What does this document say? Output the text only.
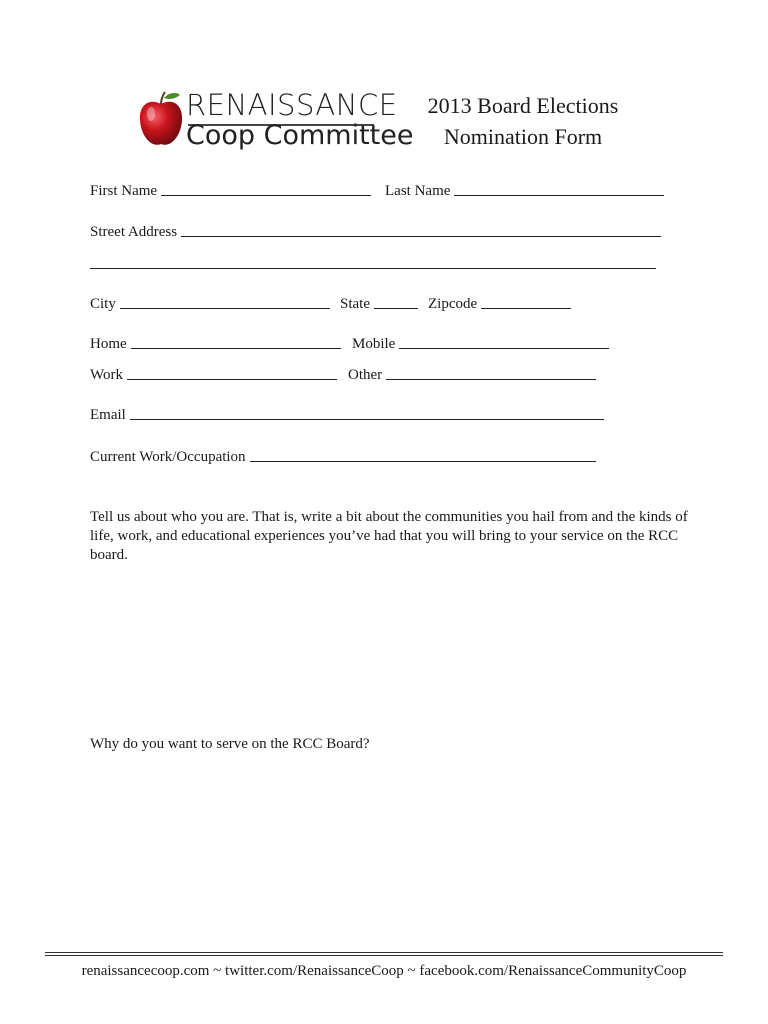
RENAISSANCE
Coop Committee
2013 Board Elections
Nomination Form
First Name	Last Name
Street Address
City	State	Zipcode
Home	Mobile
Work	Other
Email
Current Work/Occupation
Tell us about who you are. That is, write a bit about the communities you hail from and the kinds of life, work, and educational experiences you’ve had that you will bring to your service on the RCC board.
Why do you want to serve on the RCC Board?
renaissancecoop.com ~ twitter.com/RenaissanceCoop ~ facebook.com/RenaissanceCommunityCoop
